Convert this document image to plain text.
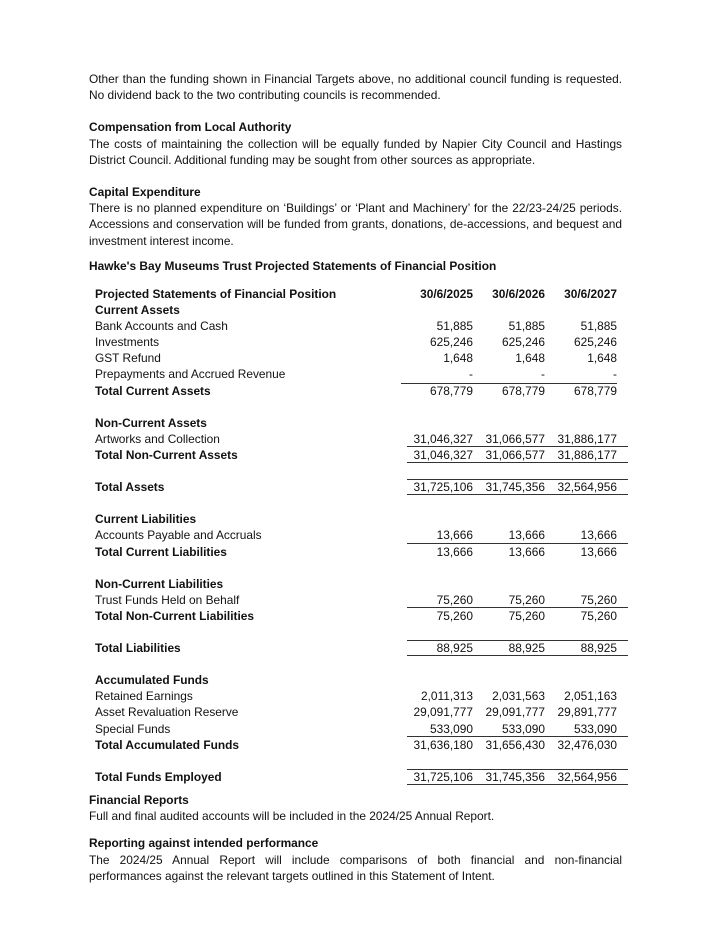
Other than the funding shown in Financial Targets above, no additional council funding is requested. No dividend back to the two contributing councils is recommended.

Compensation from Local Authority

The costs of maintaining the collection will be equally funded by Napier City Council and Hastings District Council. Additional funding may be sought from other sources as appropriate.

Capital Expenditure

There is no planned expenditure on ‘Buildings’ or ‘Plant and Machinery’ for the 22/23-24/25 periods. Accessions and conservation will be funded from grants, donations, de-accessions, and bequest and investment interest income.

Hawke's Bay Museums Trust Projected Statements of Financial Position
Projected Statements of Financial Position	30/6/2025	30/6/2026	30/6/2027
Current Assets
Bank Accounts and Cash	51,885	51,885	51,885
Investments	625,246	625,246	625,246
GST Refund	1,648	1,648	1,648
Prepayments and Accrued Revenue	-	-	-
Total Current Assets	678,779	678,779	678,779
Non-Current Assets
Artworks and Collection	31,046,327	31,066,577	31,886,177
Total Non-Current Assets	31,046,327	31,066,577	31,886,177
Total Assets	31,725,106	31,745,356	32,564,956
Current Liabilities
Accounts Payable and Accruals	13,666	13,666	13,666
Total Current Liabilities	13,666	13,666	13,666
Non-Current Liabilities
Trust Funds Held on Behalf	75,260	75,260	75,260
Total Non-Current Liabilities	75,260	75,260	75,260
Total Liabilities	88,925	88,925	88,925
Accumulated Funds
Retained Earnings	2,011,313	2,031,563	2,051,163
Asset Revaluation Reserve	29,091,777	29,091,777	29,891,777
Special Funds	533,090	533,090	533,090
Total Accumulated Funds	31,636,180	31,656,430	32,476,030
Total Funds Employed	31,725,106	31,745,356	32,564,956
Financial Reports

Full and final audited accounts will be included in the 2024/25 Annual Report.

Reporting against intended performance

The 2024/25 Annual Report will include comparisons of both financial and non-financial performances against the relevant targets outlined in this Statement of Intent.
